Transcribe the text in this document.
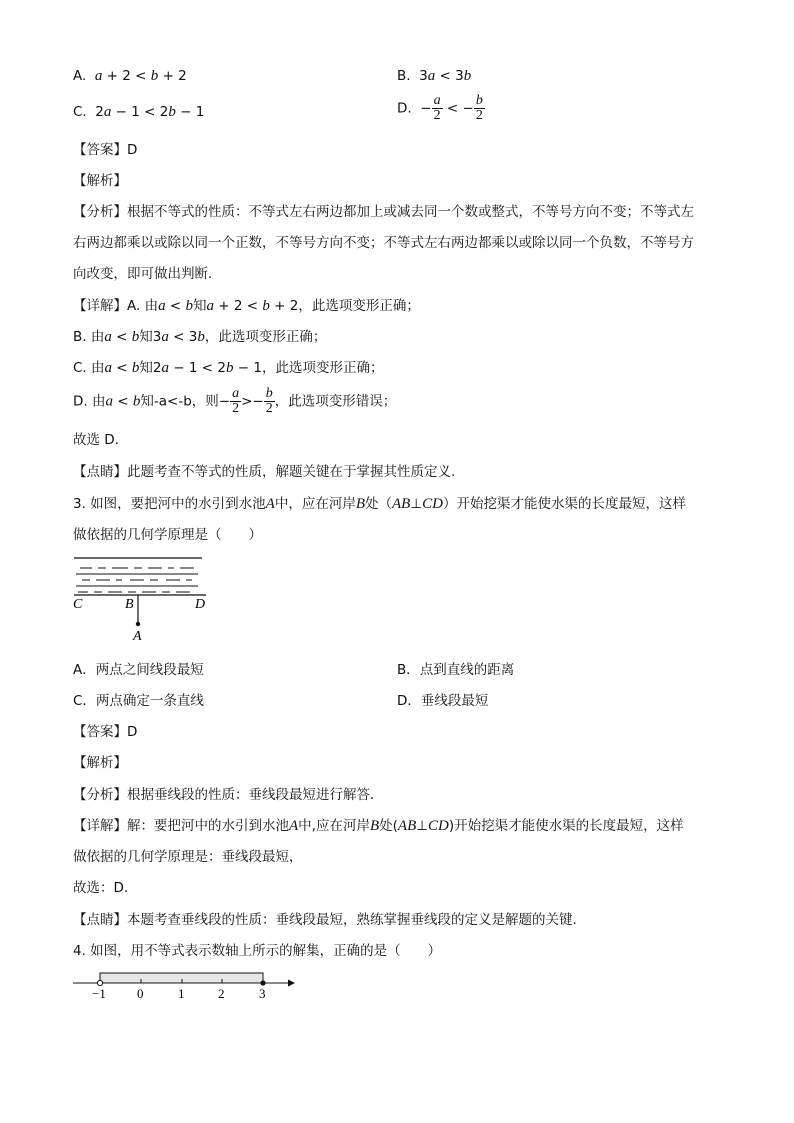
A. a + 2 < b + 2	B.  3a < 3b
C.  2a − 1 < 2b − 1	D.  − $\frac{a}{2}$ < − $\frac{b}{2}$
【答案】D
【解析】
【分析】根据不等式的性质：不等式左右两边都加上或减去同一个数或整式，不等号方向不变；不等式左
右两边都乘以或除以同一个正数，不等号方向不变；不等式左右两边都乘以或除以同一个负数，不等号方
向改变，即可做出判断．
【详解】A. 由a < b知a + 2 < b + 2，此选项变形正确；
B. 由a < b知3a < 3b，此选项变形正确；
C. 由a < b知2a − 1 < 2b − 1，此选项变形正确；
D. 由a < b知-a<-b，则− $\frac{a}{2} >- \frac{b}{2}$ ，此选项变形错误；
故选 D.
【点睛】此题考查不等式的性质，解题关键在于掌握其性质定义.
3. 如图，要把河中的水引到水池A中，应在河岸B处（AB⊥CD）开始挖渠才能使水渠的长度最短，这样
做依据的几何学原理是（　　）
C	B	D
A
A．两点之间线段最短	B．点到直线的距离
C．两点确定一条直线	D．垂线段最短
【答案】D
【解析】
【分析】根据垂线段的性质：垂线段最短进行解答．
【详解】解：要把河中的水引到水池A中,应在河岸B处(AB⊥CD)开始挖渠才能使水渠的长度最短，这样
做依据的几何学原理是：垂线段最短，
故选：D.
【点睛】本题考查垂线段的性质：垂线段最短，熟练掌握垂线段的定义是解题的关键.
4. 如图，用不等式表示数轴上所示的解集，正确的是（　　）
−1 0	1	2	3
